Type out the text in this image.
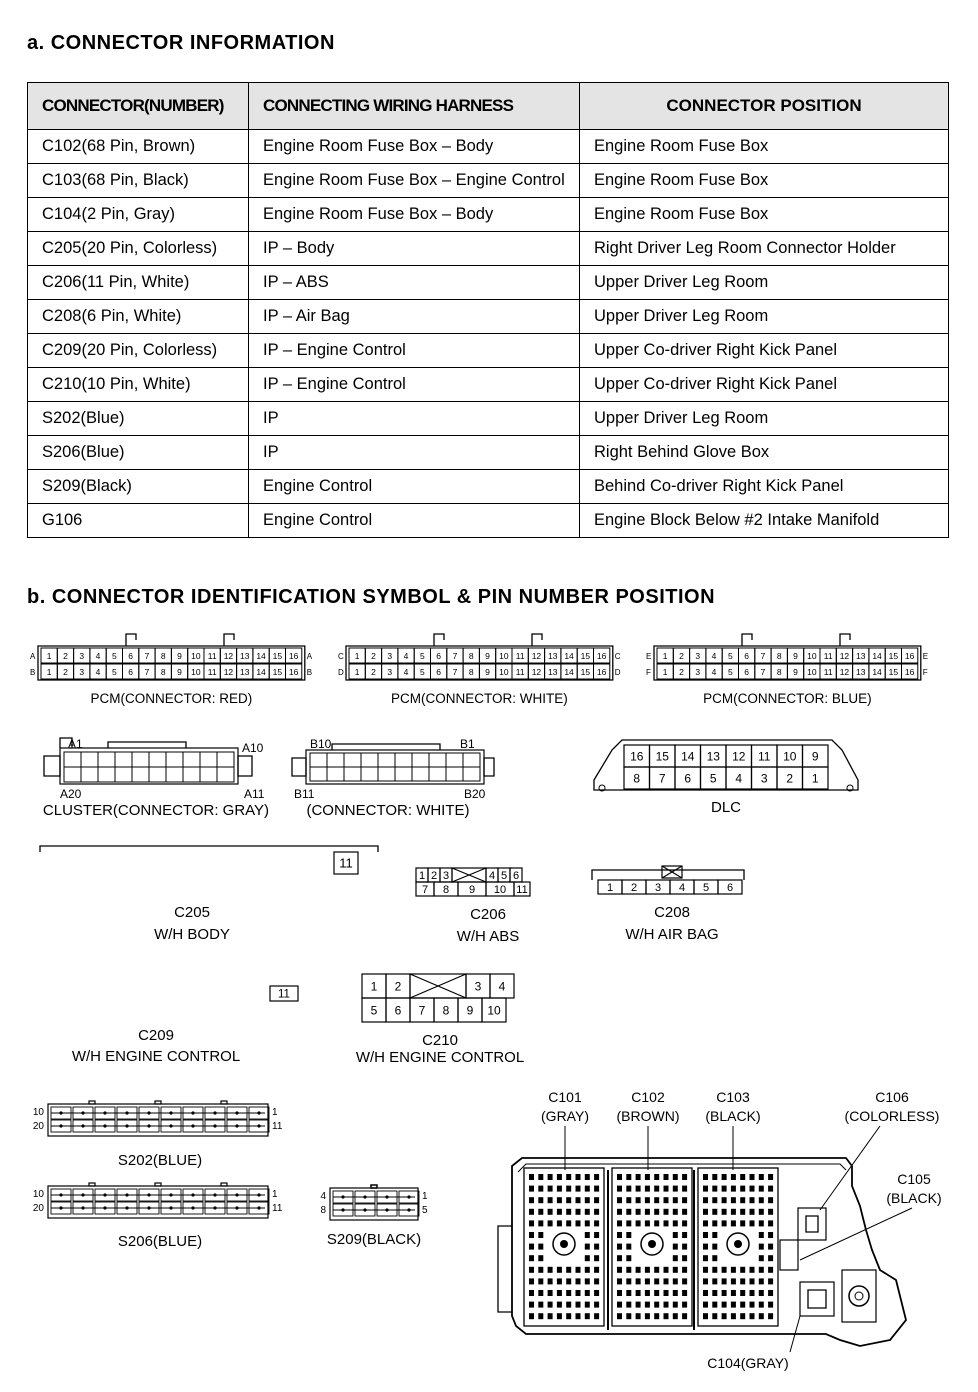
a. CONNECTOR INFORMATION
CONNECTOR(NUMBER)	CONNECTING WIRING HARNESS	CONNECTOR POSITION
C102(68 Pin, Brown)	Engine Room Fuse Box – Body	Engine Room Fuse Box
C103(68 Pin, Black)	Engine Room Fuse Box – Engine Control	Engine Room Fuse Box
C104(2 Pin, Gray)	Engine Room Fuse Box – Body	Engine Room Fuse Box
C205(20 Pin, Colorless)	IP – Body	Right Driver Leg Room Connector Holder
C206(11 Pin, White)	IP – ABS	Upper Driver Leg Room
C208(6 Pin, White)	IP – Air Bag	Upper Driver Leg Room
C209(20 Pin, Colorless)	IP – Engine Control	Upper Co-driver Right Kick Panel
C210(10 Pin, White)	IP – Engine Control	Upper Co-driver Right Kick Panel
S202(Blue)	IP	Upper Driver Leg Room
S206(Blue)	IP	Right Behind Glove Box
S209(Black)	Engine Control	Behind Co-driver Right Kick Panel
G106	Engine Control	Engine Block Below #2 Intake Manifold
b. CONNECTOR IDENTIFICATION SYMBOL & PIN NUMBER POSITION
A	A
1 2 3 4 5 6 7 8 9 10 11 12 13 14 15 16
B	B
1 2 3 4 5 6 7 8 9 10 11 12 13 14 15 16
PCM(CONNECTOR: RED)
C	C
1 2 3 4 5 6 7 8 9 10 11 12 13 14 15 16
D	D
1 2 3 4 5 6 7 8 9 10 11 12 13 14 15 16
PCM(CONNECTOR: WHITE)
E	E
1 2 3 4 5 6 7 8 9 10 11 12 13 14 15 16
F	F
1 2 3 4 5 6 7 8 9 10 11 12 13 14 15 16
PCM(CONNECTOR: BLUE)
A1	A10
A20	A11
CLUSTER(CONNECTOR: GRAY)
B10	B1
B11	B20
(CONNECTOR: WHITE)
16 15 14 13 12 11 10 9
8 7 6 5 4 3 2 1
DLC
11
C205
W/H BODY
1 2 3	4 5 6
7 8 9 10 11
C206
W/H ABS
1 2 3 4 5 6
C208
W/H AIR BAG
11
C209
W/H ENGINE CONTROL
1 2	3 4
5 6 7 8 9 10
C210
W/H ENGINE CONTROL
10
20
1
11
S202(BLUE)
10
20
1
11
S206(BLUE)
4
8
1
5
S209(BLACK)
C101
(GRAY)
C102
(BROWN)
C103
(BLACK)
C106
(COLORLESS)
C105
(BLACK)
C104(GRAY)
